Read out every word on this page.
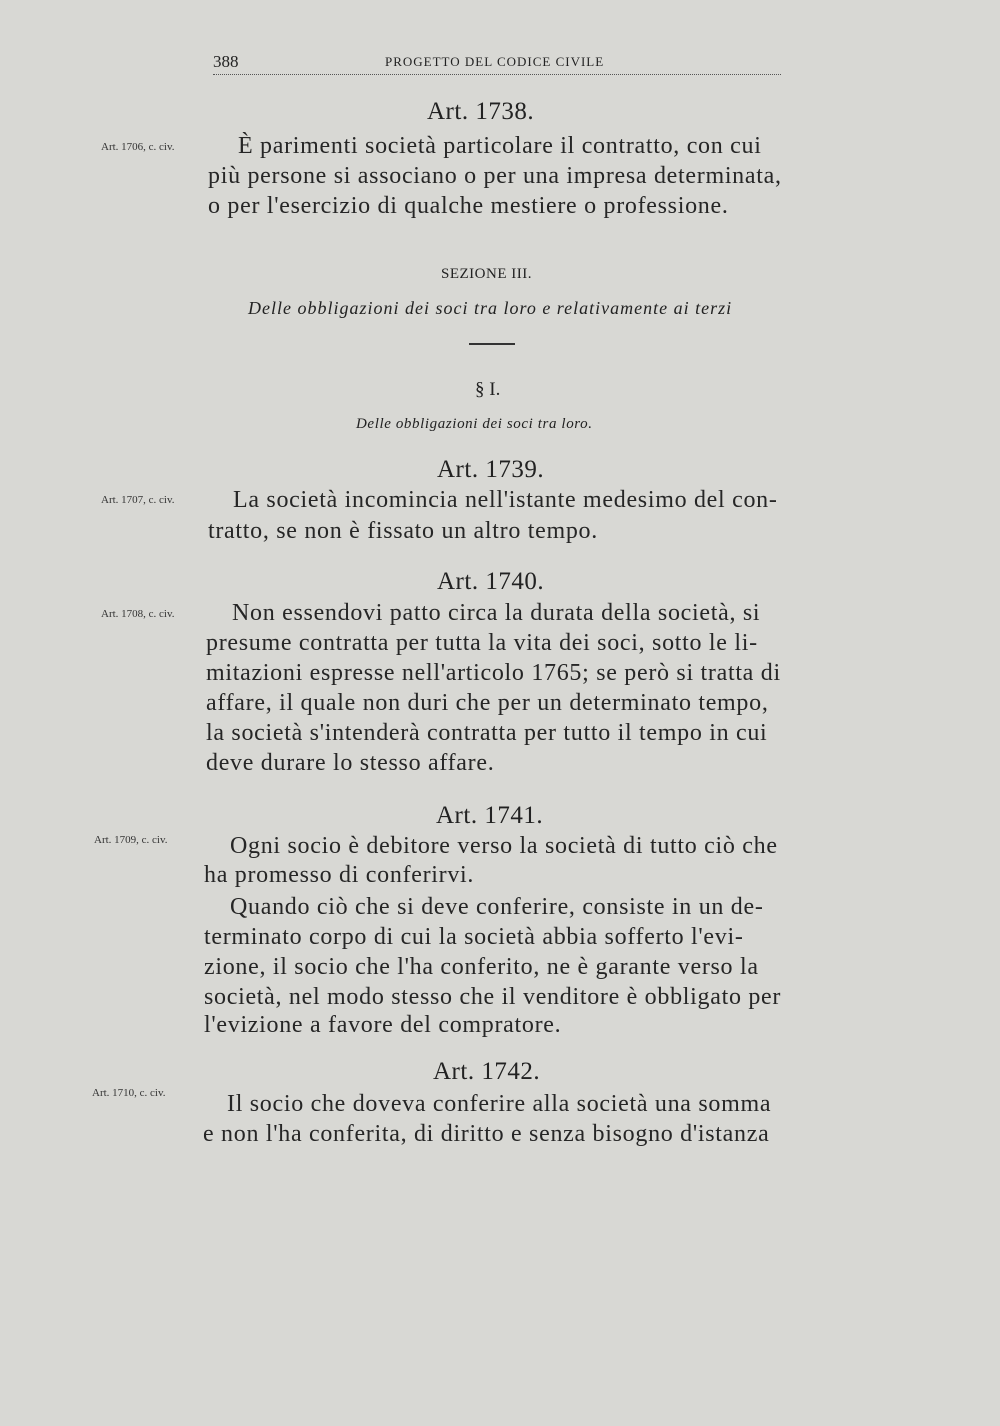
388	PROGETTO DEL CODICE CIVILE
Art. 1738.
Art. 1706, c. civ.	È parimenti società particolare il contratto, con cui
più persone si associano o per una impresa determinata,
o per l'esercizio di qualche mestiere o professione.
SEZIONE III.
Delle obbligazioni dei soci tra loro e relativamente ai terzi
§ I.
Delle obbligazioni dei soci tra loro.
Art. 1739.
Art. 1707, c. civ. La società incomincia nell'istante medesimo del con-
tratto, se non è fissato un altro tempo.
Art. 1740.
Art. 1708, c. civ. Non essendovi patto circa la durata della società, si
presume contratta per tutta la vita dei soci, sotto le li-
mitazioni espresse nell'articolo 1765; se però si tratta di
affare, il quale non duri che per un determinato tempo,
la società s'intenderà contratta per tutto il tempo in cui
deve durare lo stesso affare.
Art. 1741.
Art. 1709, c. civ.	Ogni socio è debitore verso la società di tutto ciò che
ha promesso di conferirvi.
Quando ciò che si deve conferire, consiste in un de-
terminato corpo di cui la società abbia sofferto l'evi-
zione, il socio che l'ha conferito, ne è garante verso la
società, nel modo stesso che il venditore è obbligato per
l'evizione a favore del compratore.
Art. 1742.
Art. 1710, c. civ.	Il socio che doveva conferire alla società una somma
e non l'ha conferita, di diritto e senza bisogno d'istanza
